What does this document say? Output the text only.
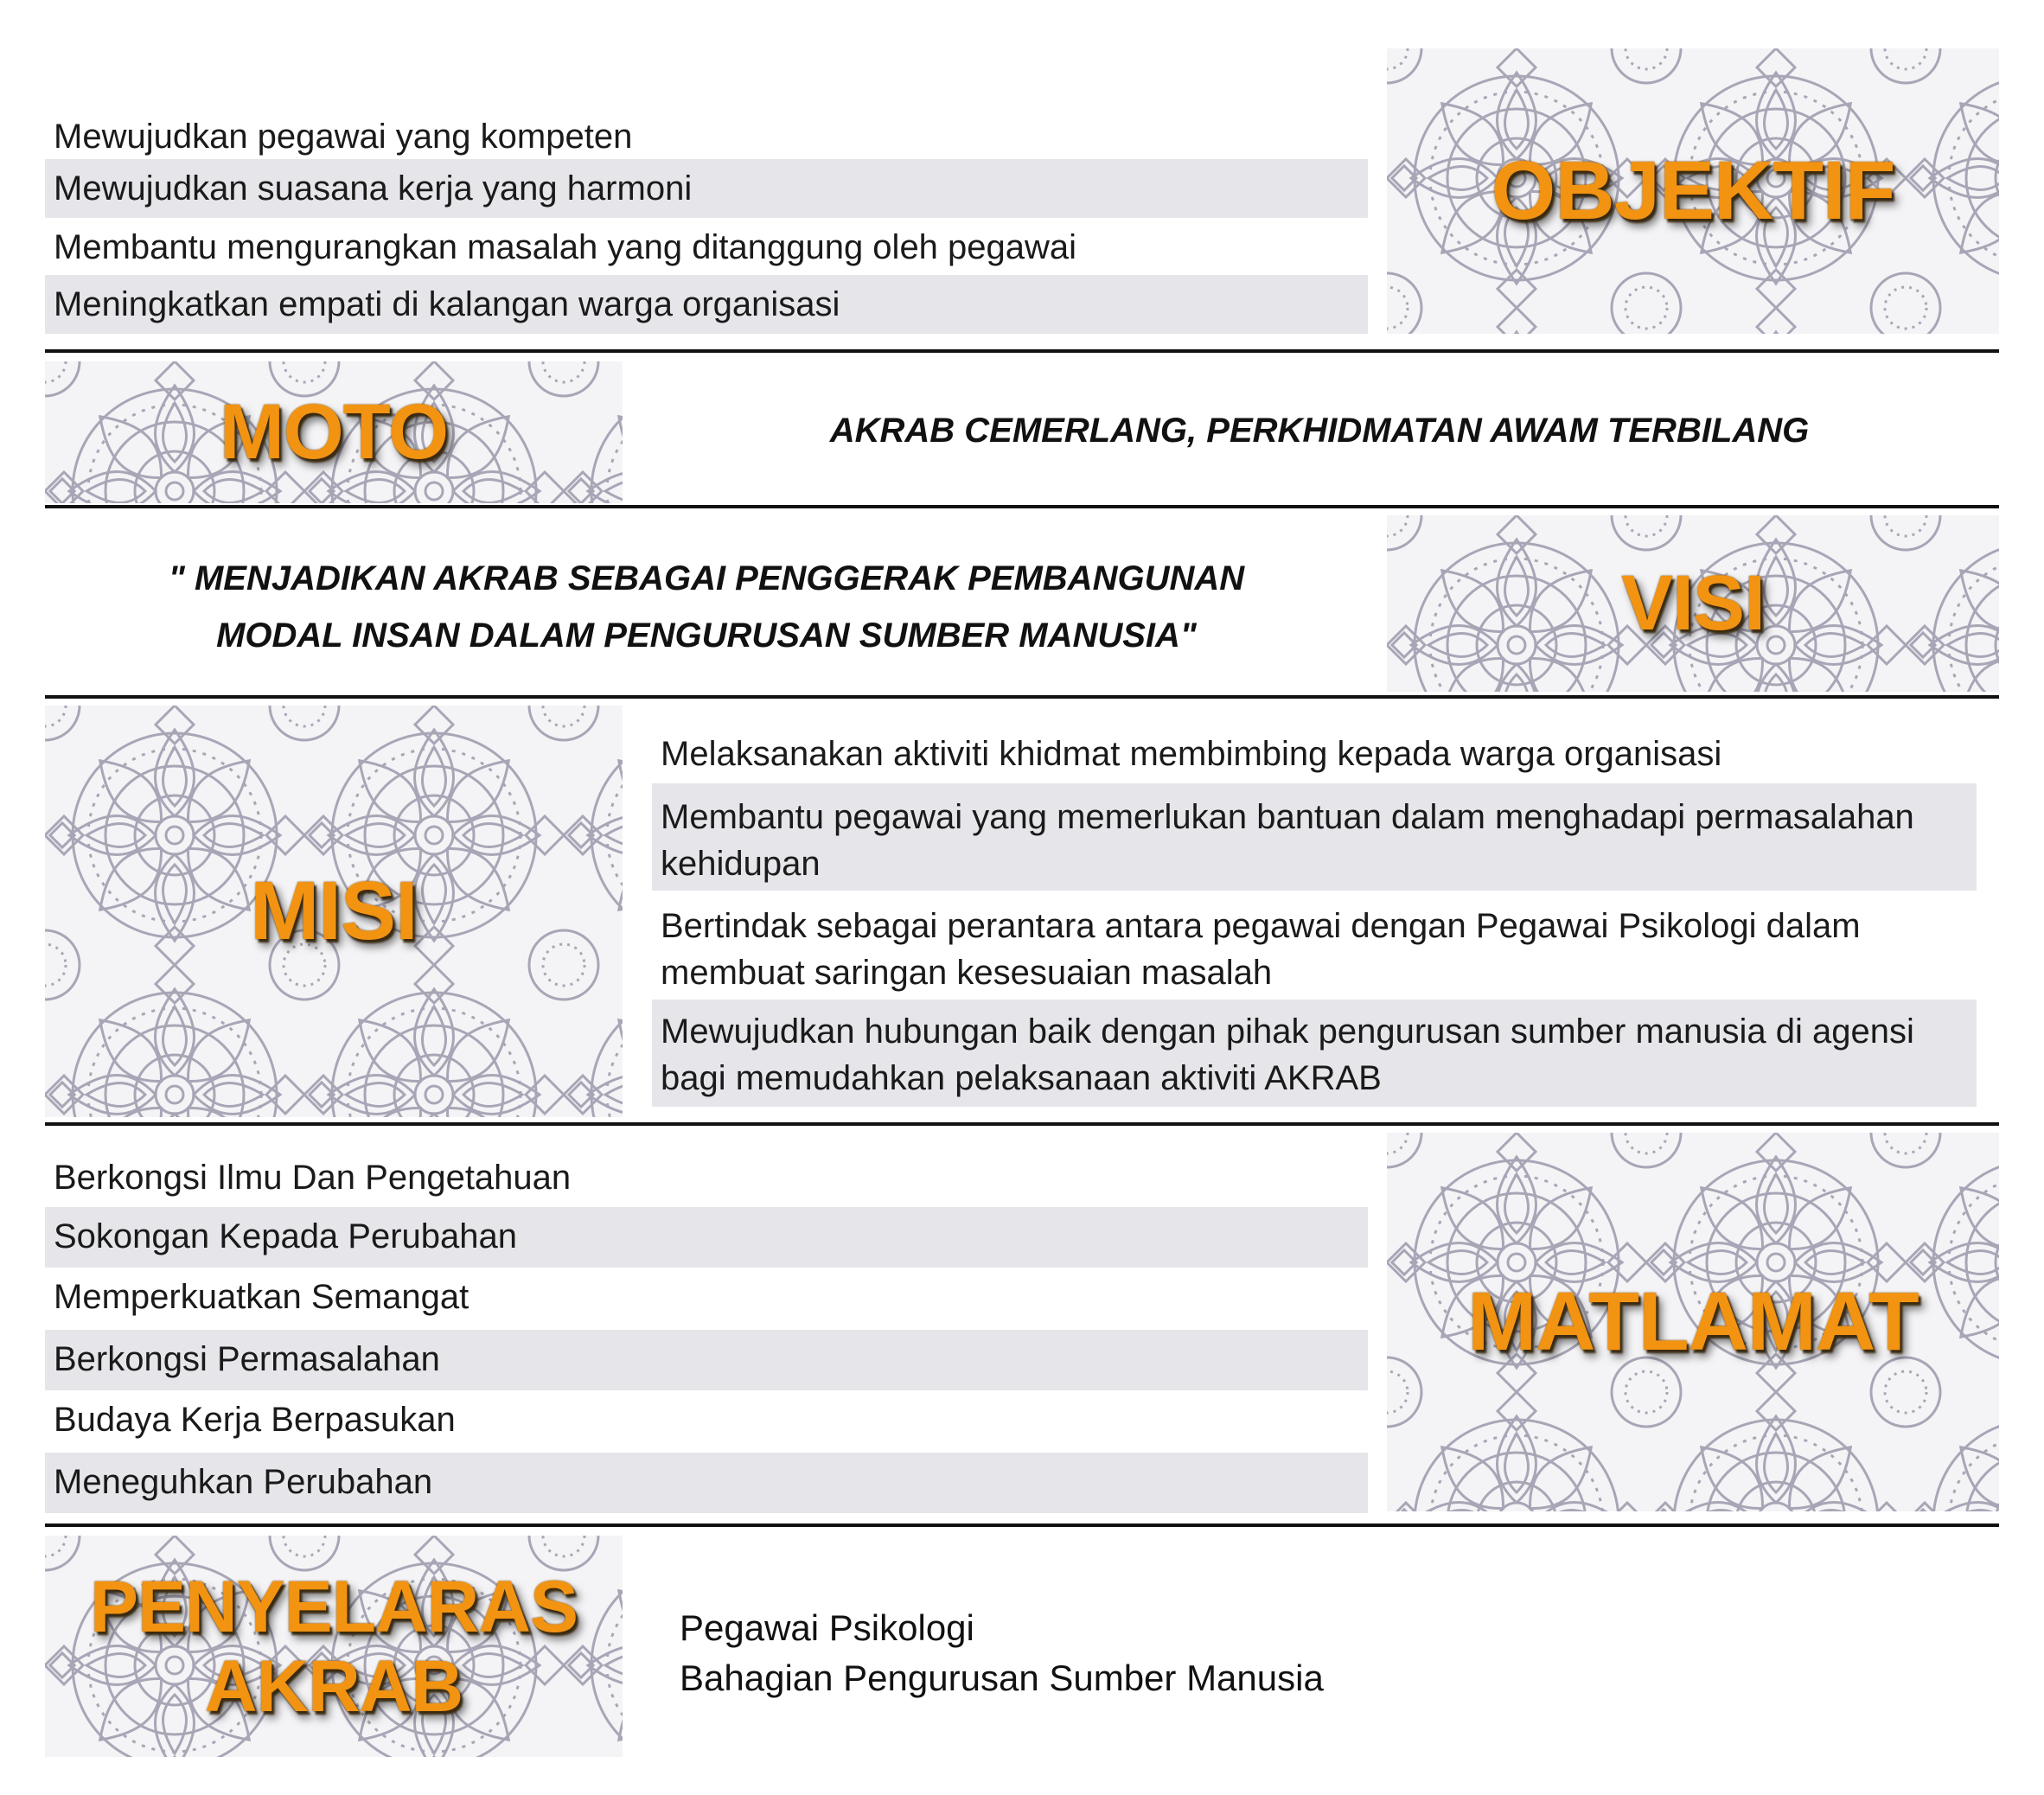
Mewujudkan pegawai yang kompeten
Mewujudkan suasana kerja yang harmoni
Membantu mengurangkan masalah yang ditanggung oleh pegawai
Meningkatkan empati di kalangan warga organisasi
OBJEKTIF
MOTO	AKRAB CEMERLANG, PERKHIDMATAN AWAM TERBILANG
" MENJADIKAN AKRAB SEBAGAI PENGGERAK PEMBANGUNAN
MODAL INSAN DALAM PENGURUSAN SUMBER MANUSIA"	VISI
MISI
Melaksanakan aktiviti khidmat membimbing kepada warga organisasi
Membantu pegawai yang memerlukan bantuan dalam menghadapi permasalahan kehidupan
Bertindak sebagai perantara antara pegawai dengan Pegawai Psikologi dalam membuat saringan kesesuaian masalah
Mewujudkan hubungan baik dengan pihak pengurusan sumber manusia di agensi bagi memudahkan pelaksanaan aktiviti AKRAB
Berkongsi Ilmu Dan Pengetahuan
Sokongan Kepada Perubahan
Memperkuatkan Semangat
Berkongsi Permasalahan
Budaya Kerja Berpasukan
Meneguhkan Perubahan
MATLAMAT
PENYELARAS
AKRAB
Pegawai Psikologi
Bahagian Pengurusan Sumber Manusia
